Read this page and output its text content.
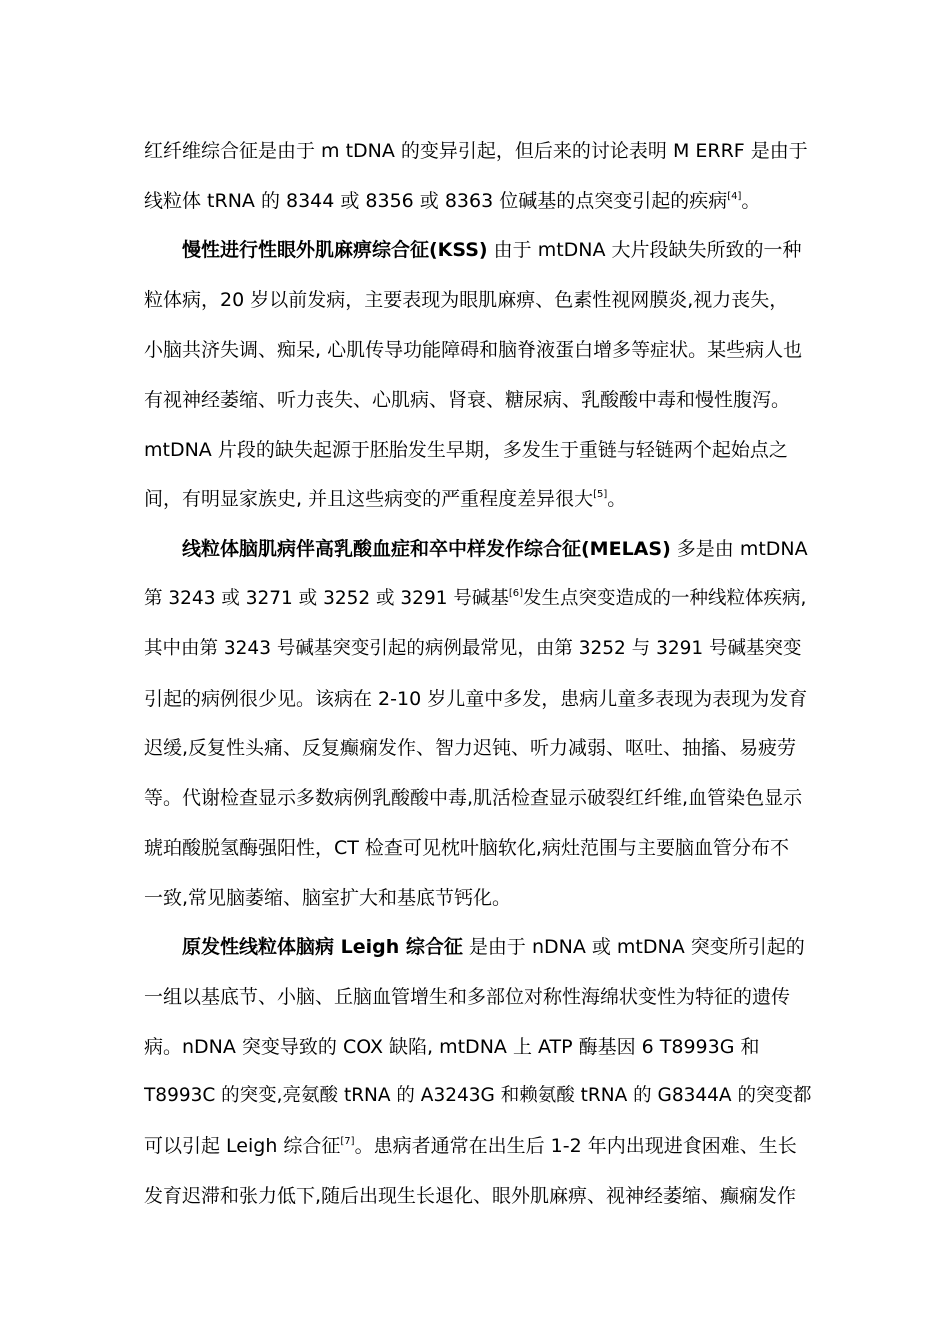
红纤维综合征是由于 m tDNA 的变异引起，但后来的讨论表明 M ERRF 是由于
线粒体 tRNA 的 8344 或 8356 或 8363 位碱基的点突变引起的疾病[4]。
慢性进行性眼外肌麻痹综合征(KSS) 由于 mtDNA 大片段缺失所致的一种
粒体病，20 岁以前发病，主要表现为眼肌麻痹、色素性视网膜炎,视力丧失，
小脑共济失调、痴呆, 心肌传导功能障碍和脑脊液蛋白增多等症状。某些病人也
有视神经萎缩、听力丧失、心肌病、肾衰、糖尿病、乳酸酸中毒和慢性腹泻。
mtDNA 片段的缺失起源于胚胎发生早期，多发生于重链与轻链两个起始点之
间，有明显家族史, 并且这些病变的严重程度差异很大[5]。
线粒体脑肌病伴高乳酸血症和卒中样发作综合征(MELAS) 多是由 mtDNA
第 3243 或 3271 或 3252 或 3291 号碱基[6]发生点突变造成的一种线粒体疾病,
其中由第 3243 号碱基突变引起的病例最常见，由第 3252 与 3291 号碱基突变
引起的病例很少见。该病在 2-10 岁儿童中多发，患病儿童多表现为表现为发育
迟缓,反复性头痛、反复癫痫发作、智力迟钝、听力减弱、呕吐、抽搐、易疲劳
等。代谢检查显示多数病例乳酸酸中毒,肌活检查显示破裂红纤维,血管染色显示
琥珀酸脱氢酶强阳性，CT 检查可见枕叶脑软化,病灶范围与主要脑血管分布不
一致,常见脑萎缩、脑室扩大和基底节钙化。
原发性线粒体脑病 Leigh 综合征 是由于 nDNA 或 mtDNA 突变所引起的
一组以基底节、小脑、丘脑血管增生和多部位对称性海绵状变性为特征的遗传
病。nDNA 突变导致的 COX 缺陷, mtDNA 上 ATP 酶基因 6 T8993G 和
T8993C 的突变,亮氨酸 tRNA 的 A3243G 和赖氨酸 tRNA 的 G8344A 的突变都
可以引起 Leigh 综合征[7]。患病者通常在出生后 1-2 年内出现进食困难、生长
发育迟滞和张力低下,随后出现生长退化、眼外肌麻痹、视神经萎缩、癫痫发作
